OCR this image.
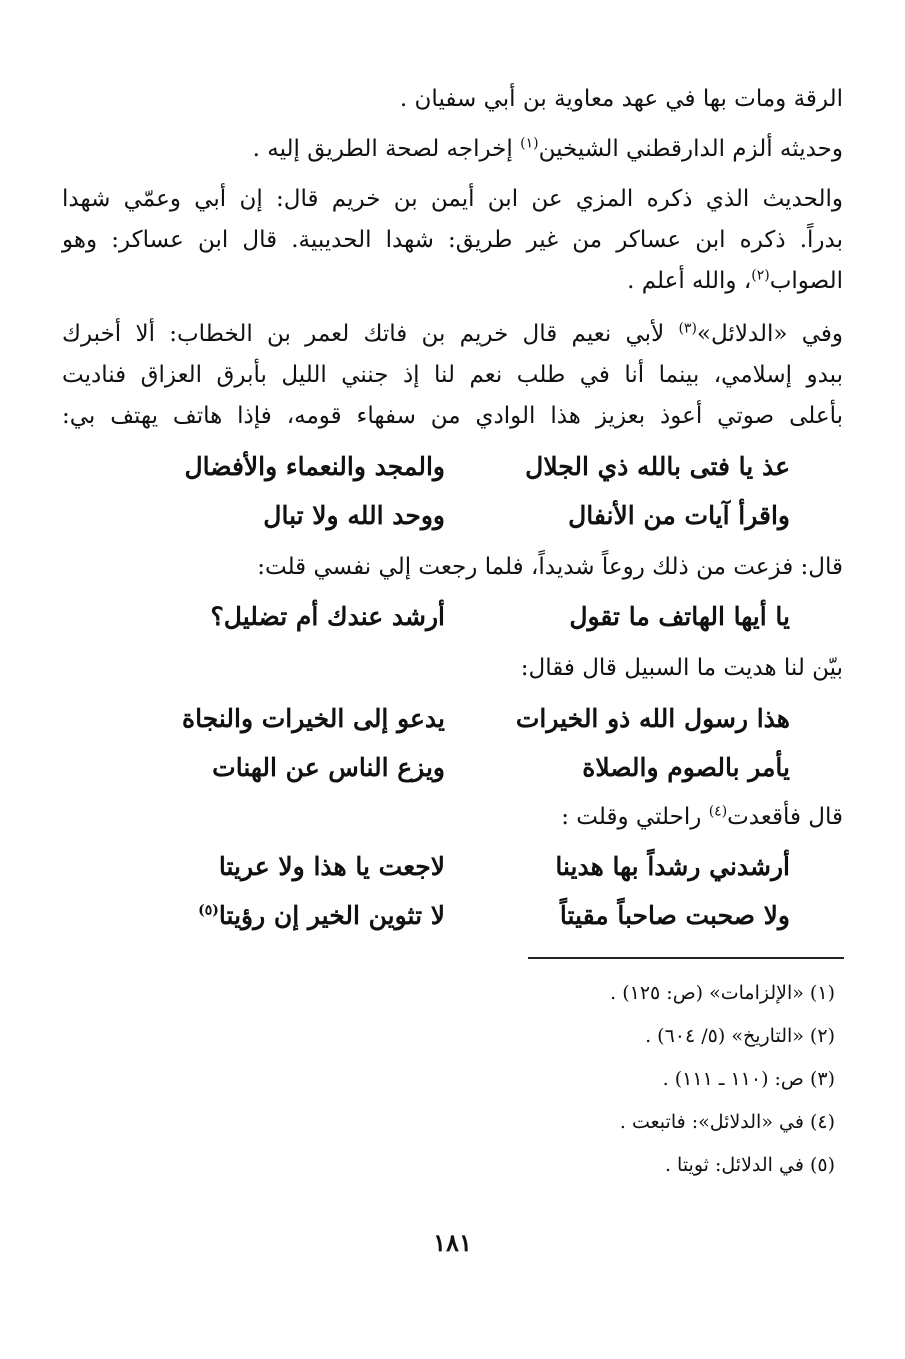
الرقة ومات بها في عهد معاوية بن أبي سفيان .
وحديثه ألزم الدارقطني الشيخين$^{(١)}$ إخراجه لصحة الطريق إليه .
والحديث الذي ذكره المزي عن ابن أيمن بن خريم قال: إن أبي وعمّي شهدا
بدراً. ذكره ابن عساكر من غير طريق: شهدا الحديبية. قال ابن عساكر: وهو
الصواب$^{(٢)}$، والله أعلم .
وفي «الدلائل»$^{(٣)}$ لأبي نعيم قال خريم بن فاتك لعمر بن الخطاب: ألا أخبرك
ببدو إسلامي، بينما أنا في طلب نعم لنا إذ جنني الليل بأبرق العزاق فناديت
بأعلى صوتي أعوذ بعزيز هذا الوادي من سفهاء قومه، فإذا هاتف يهتف بي:
عذ يا فتى بالله ذي الجلال
والمجد والنعماء والأفضال
واقرأ آيات من الأنفال
ووحد الله ولا تبال
قال: فزعت من ذلك روعاً شديداً، فلما رجعت إلي نفسي قلت:
يا أيها الهاتف ما تقول
أرشد عندك أم تضليل؟
بيّن لنا هديت ما السبيل قال فقال:
هذا رسول الله ذو الخيرات
يدعو إلى الخيرات والنجاة
يأمر بالصوم والصلاة
ويزع الناس عن الهنات
قال فأقعدت$^{(٤)}$ راحلتي وقلت :
أرشدني رشداً بها هدينا
لاجعت يا هذا ولا عريتا
ولا صحبت صاحباً مقيتاً
لا تثوين الخير إن رؤيتا$^{(٥)}$
(١) «الإلزامات» (ص: ١٢٥) .
(٢) «التاريخ» (٥/ ٦٠٤) .
(٣) ص: (١١٠ ـ ١١١) .
(٤) في «الدلائل»: فاتبعت .
(٥) في الدلائل: ثويتا .
١٨١
